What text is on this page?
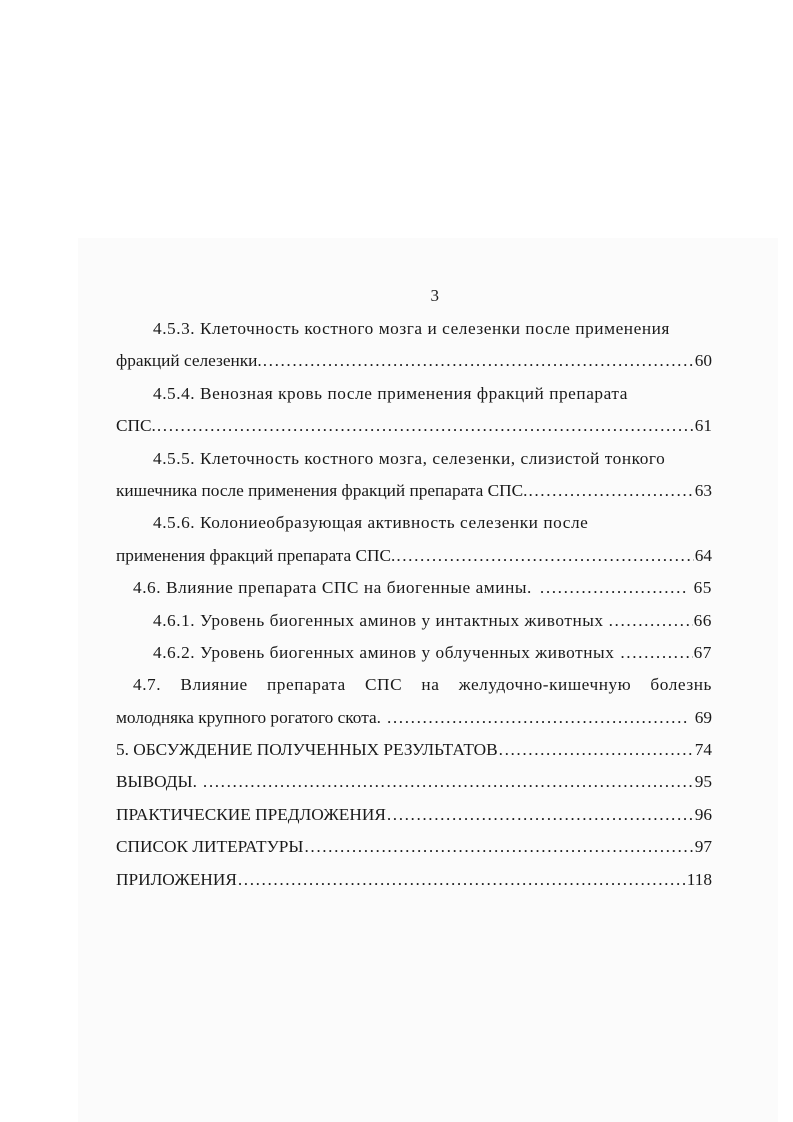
3
4.5.3. Клеточность костного мозга и селезенки после применения
фракций селезенки. .....	60
4.5.4. Венозная кровь после применения фракций препарата
СПС. .....	61
4.5.5. Клеточность костного мозга, селезенки, слизистой тонкого
кишечника после применения фракций препарата СПС. .....	63
4.5.6. Колониеобразующая активность селезенки после
применения фракций препарата СПС. .....	64
4.6. Влияние препарата СПС на биогенные амины. .....	65
4.6.1. Уровень биогенных аминов у интактных животных .....	66
4.6.2. Уровень биогенных аминов у облученных животных .....	67
4.7. Влияние препарата СПС на желудочно-кишечную болезнь
молодняка крупного рогатого скота. .....	69
5. ОБСУЖДЕНИЕ ПОЛУЧЕННЫХ РЕЗУЛЬТАТОВ .....	74
ВЫВОДЫ. .....	95
ПРАКТИЧЕСКИЕ ПРЕДЛОЖЕНИЯ .....	96
СПИСОК ЛИТЕРАТУРЫ .....	97
ПРИЛОЖЕНИЯ .....	118
